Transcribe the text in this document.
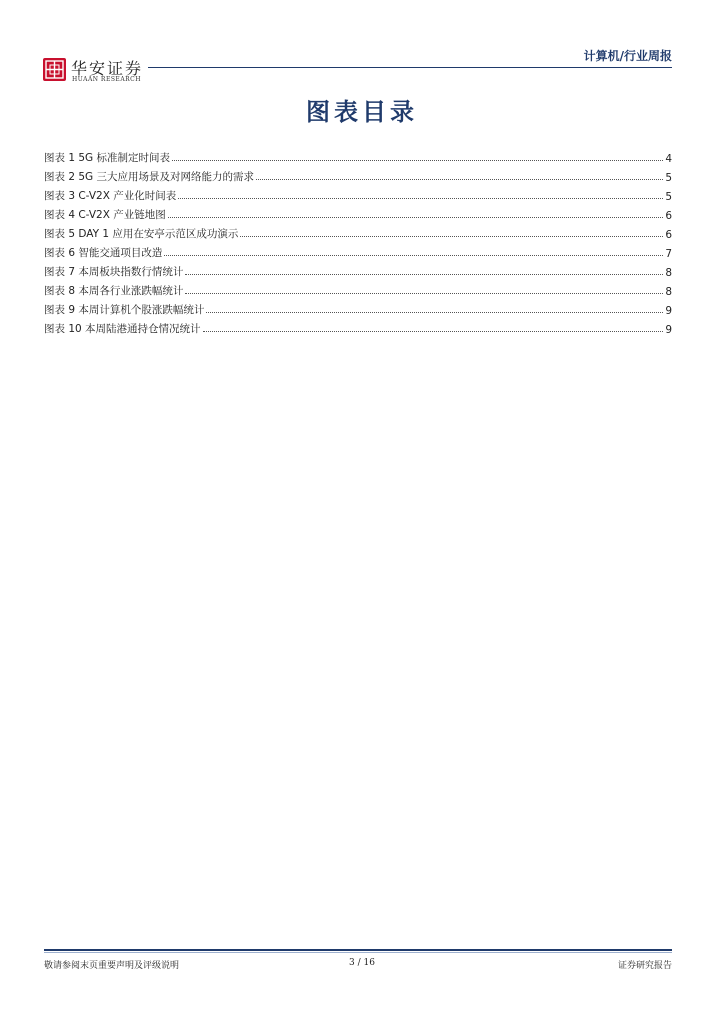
华安证券
HUAAN RESEARCH
计算机/行业周报
图表目录
图表 1 5G 标准制定时间表	4
图表 2 5G 三大应用场景及对网络能力的需求	5
图表 3 C-V2X 产业化时间表	5
图表 4 C-V2X 产业链地图	6
图表 5 DAY 1 应用在安亭示范区成功演示	6
图表 6 智能交通项目改造	7
图表 7 本周板块指数行情统计	8
图表 8 本周各行业涨跌幅统计	8
图表 9 本周计算机个股涨跌幅统计	9
图表 10 本周陆港通持仓情况统计	9
敬请参阅末页重要声明及评级说明	3 / 16	证券研究报告
